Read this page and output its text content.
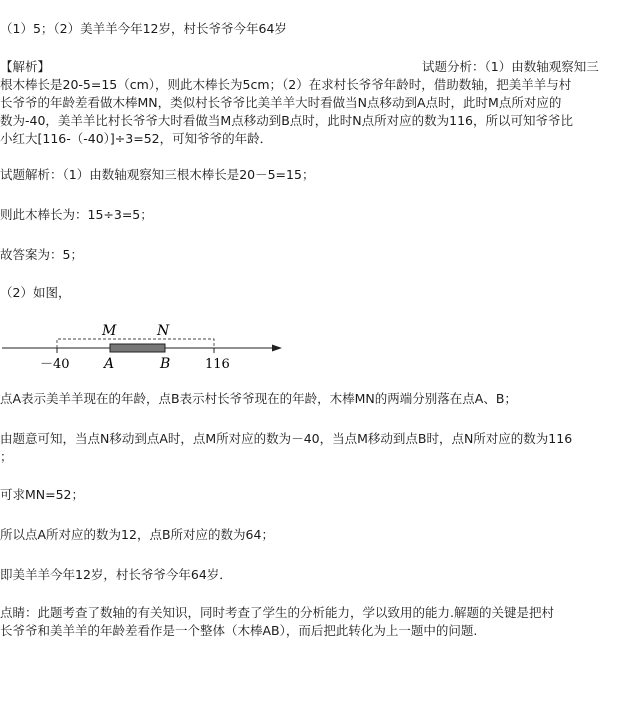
（1）5；（2）美羊羊今年12岁，村长爷爷今年64岁
【解析】	试题分析：（1）由数轴观察知三
根木棒长是20-5=15（cm），则此木棒长为5cm；（2）在求村长爷爷年龄时，借助数轴，把美羊羊与村
长爷爷的年龄差看做木棒MN，类似村长爷爷比美羊羊大时看做当N点移动到A点时，此时M点所对应的
数为-40，美羊羊比村长爷爷大时看做当M点移动到B点时，此时N点所对应的数为116，所以可知爷爷比
小红大[116-（-40）]÷3=52，可知爷爷的年龄．
试题解析：（1）由数轴观察知三根木棒长是20－5=15；
则此木棒长为：15÷3=5；
故答案为：5；
（2）如图，
M	N
A	B
－40	116
点A表示美羊羊现在的年龄，点B表示村长爷爷现在的年龄，木棒MN的两端分别落在点A、B；
由题意可知，当点N移动到点A时，点M所对应的数为－40，当点M移动到点B时，点N所对应的数为116
；
可求MN=52；
所以点A所对应的数为12，点B所对应的数为64；
即美羊羊今年12岁，村长爷爷今年64岁．
点睛：此题考查了数轴的有关知识，同时考查了学生的分析能力，学以致用的能力.解题的关键是把村
长爷爷和美羊羊的年龄差看作是一个整体（木棒AB），而后把此转化为上一题中的问题.
